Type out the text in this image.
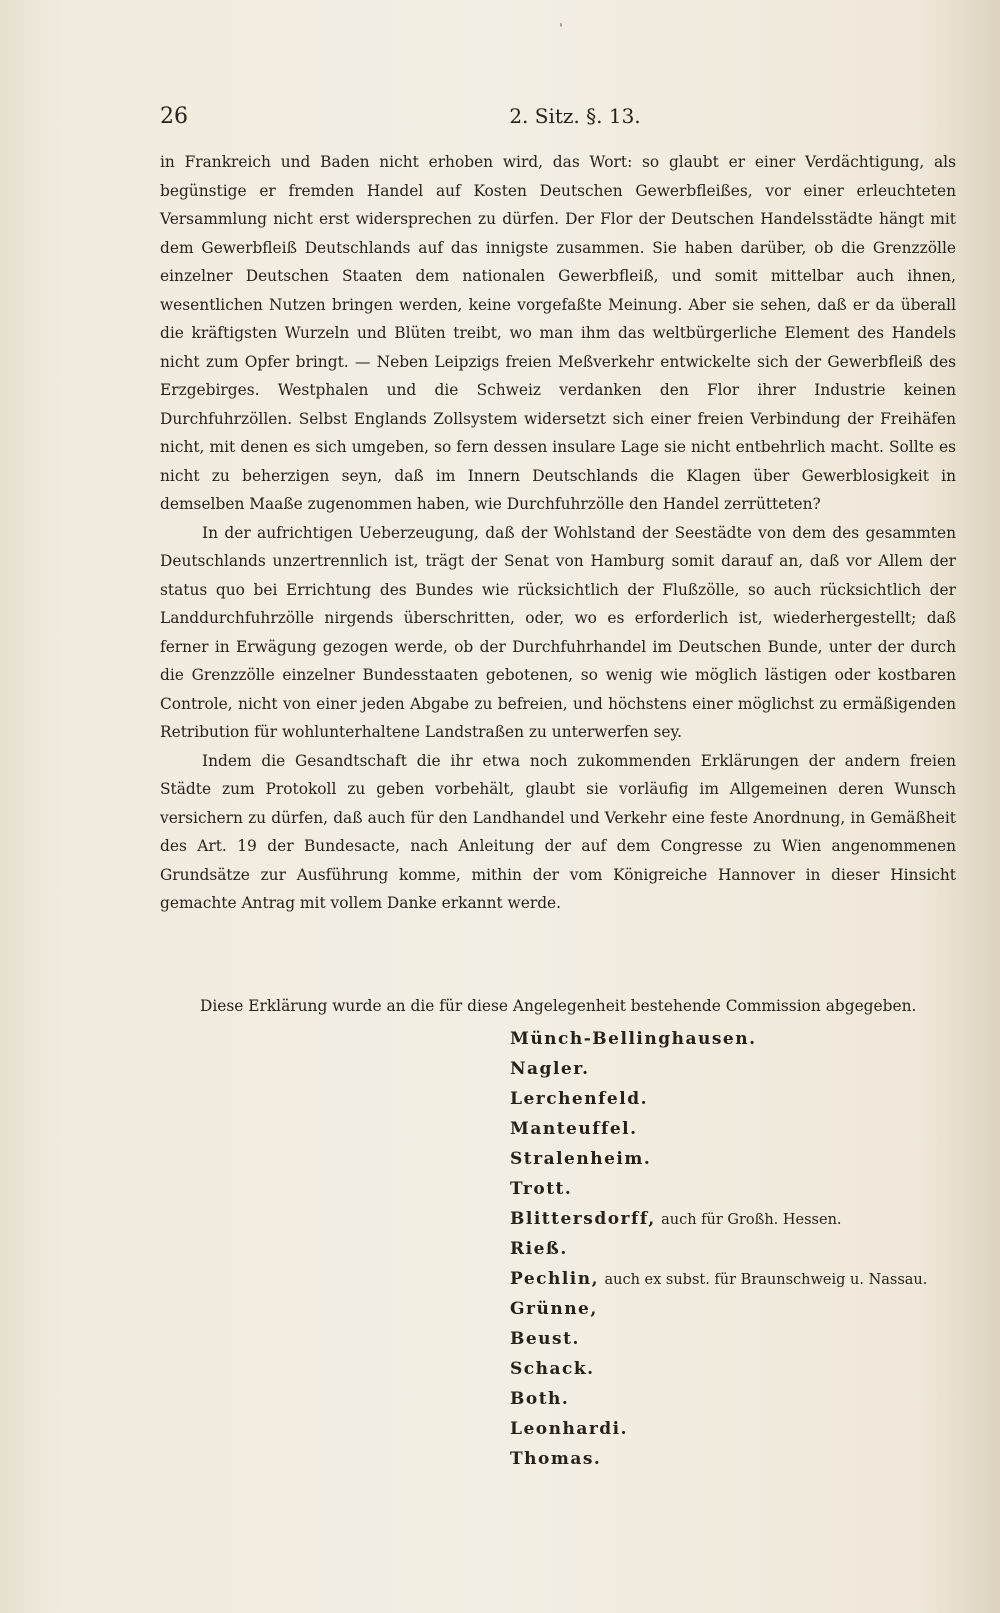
ˈ
26	2. Sitz. §. 13.

in Frankreich und Baden nicht erhoben wird, das Wort: so glaubt er einer Verdächtigung, als begünstige er fremden Handel auf Kosten Deutschen Gewerbfleißes, vor einer erleuchteten Versammlung nicht erst widersprechen zu dürfen. Der Flor der Deutschen Handelsstädte hängt mit dem Gewerbfleiß Deutschlands auf das innigste zusammen. Sie haben darüber, ob die Grenzzölle einzelner Deutschen Staaten dem nationalen Gewerbfleiß, und somit mittelbar auch ihnen, wesentlichen Nutzen bringen werden, keine vorgefaßte Meinung. Aber sie sehen, daß er da überall die kräftigsten Wurzeln und Blüten treibt, wo man ihm das weltbürgerliche Element des Handels nicht zum Opfer bringt. — Neben Leipzigs freien Meßverkehr entwickelte sich der Gewerbfleiß des Erzgebirges. Westphalen und die Schweiz verdanken den Flor ihrer Industrie keinen Durchfuhrzöllen. Selbst Englands Zollsystem widersetzt sich einer freien Verbindung der Freihäfen nicht, mit denen es sich umgeben, so fern dessen insulare Lage sie nicht entbehrlich macht. Sollte es nicht zu beherzigen seyn, daß im Innern Deutschlands die Klagen über Gewerblosigkeit in demselben Maaße zugenommen haben, wie Durchfuhrzölle den Handel zerrütteten?

In der aufrichtigen Ueberzeugung, daß der Wohlstand der Seestädte von dem des gesammten Deutschlands unzertrennlich ist, trägt der Senat von Hamburg somit darauf an, daß vor Allem der status quo bei Errichtung des Bundes wie rücksichtlich der Flußzölle, so auch rücksichtlich der Landdurchfuhrzölle nirgends überschritten, oder, wo es erforderlich ist, wiederhergestellt; daß ferner in Erwägung gezogen werde, ob der Durchfuhrhandel im Deutschen Bunde, unter der durch die Grenzzölle einzelner Bundesstaaten gebotenen, so wenig wie möglich lästigen oder kostbaren Controle, nicht von einer jeden Abgabe zu befreien, und höchstens einer möglichst zu ermäßigenden Retribution für wohlunterhaltene Landstraßen zu unterwerfen sey.

Indem die Gesandtschaft die ihr etwa noch zukommenden Erklärungen der andern freien Städte zum Protokoll zu geben vorbehält, glaubt sie vorläufig im Allgemeinen deren Wunsch versichern zu dürfen, daß auch für den Landhandel und Verkehr eine feste Anordnung, in Gemäßheit des Art. 19 der Bundesacte, nach Anleitung der auf dem Congresse zu Wien angenommenen Grundsätze zur Ausführung komme, mithin der vom Königreiche Hannover in dieser Hinsicht gemachte Antrag mit vollem Danke erkannt werde.

Diese Erklärung wurde an die für diese Angelegenheit bestehende Commission abgegeben.
Münch-Bellinghausen.
Nagler.
Lerchenfeld.
Manteuffel.
Stralenheim.
Trott.
Blittersdorff, auch für Großh. Hessen.
Rieß.
Pechlin, auch ex subst. für Braunschweig u. Nassau.
Grünne,
Beust.
Schack.
Both.
Leonhardi.
Thomas.
